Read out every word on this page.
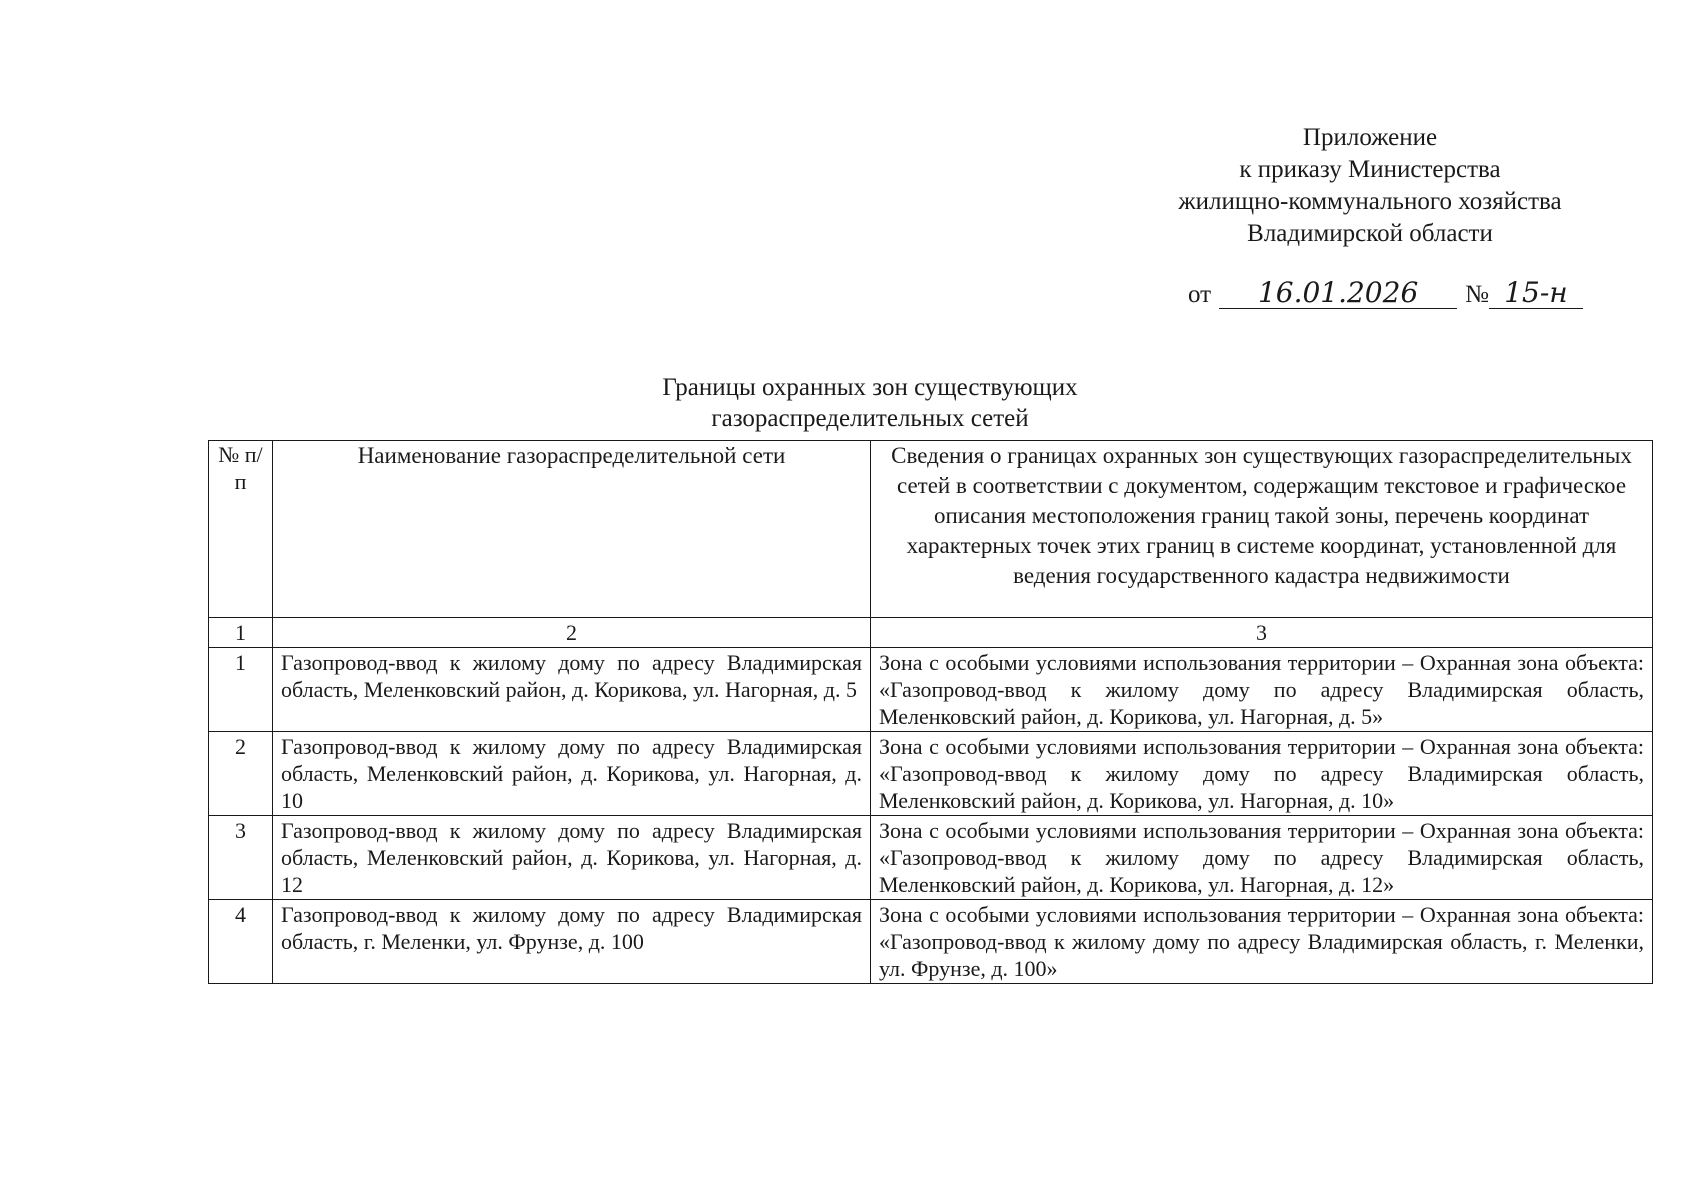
Приложение
к приказу Министерства
жилищно-коммунального хозяйства
Владимирской области
от 16.01.2026 № 15-н
Границы охранных зон существующих
газораспределительных сетей
№ п/п	Наименование газораспределительной сети	Сведения о границах охранных зон существующих газораспределительных сетей в соответствии с документом, содержащим текстовое и графическое описания местоположения границ такой зоны, перечень координат характерных точек этих границ в системе координат, установленной для ведения государственного кадастра недвижимости
1	2	3
1	Газопровод-ввод к жилому дому по адресу Владимирская область, Меленковский район, д. Корикова, ул. Нагорная, д. 5	Зона с особыми условиями использования территории – Охранная зона объекта: «Газопровод-ввод к жилому дому по адресу Владимирская область, Меленковский район, д. Корикова, ул. Нагорная, д. 5»
2	Газопровод-ввод к жилому дому по адресу Владимирская область, Меленковский район, д. Корикова, ул. Нагорная, д. 10	Зона с особыми условиями использования территории – Охранная зона объекта: «Газопровод-ввод к жилому дому по адресу Владимирская область, Меленковский район, д. Корикова, ул. Нагорная, д. 10»
3	Газопровод-ввод к жилому дому по адресу Владимирская область, Меленковский район, д. Корикова, ул. Нагорная, д. 12	Зона с особыми условиями использования территории – Охранная зона объекта: «Газопровод-ввод к жилому дому по адресу Владимирская область, Меленковский район, д. Корикова, ул. Нагорная, д. 12»
4	Газопровод-ввод к жилому дому по адресу Владимирская область, г. Меленки, ул. Фрунзе, д. 100	Зона с особыми условиями использования территории – Охранная зона объекта: «Газопровод-ввод к жилому дому по адресу Владимирская область, г. Меленки, ул. Фрунзе, д. 100»
